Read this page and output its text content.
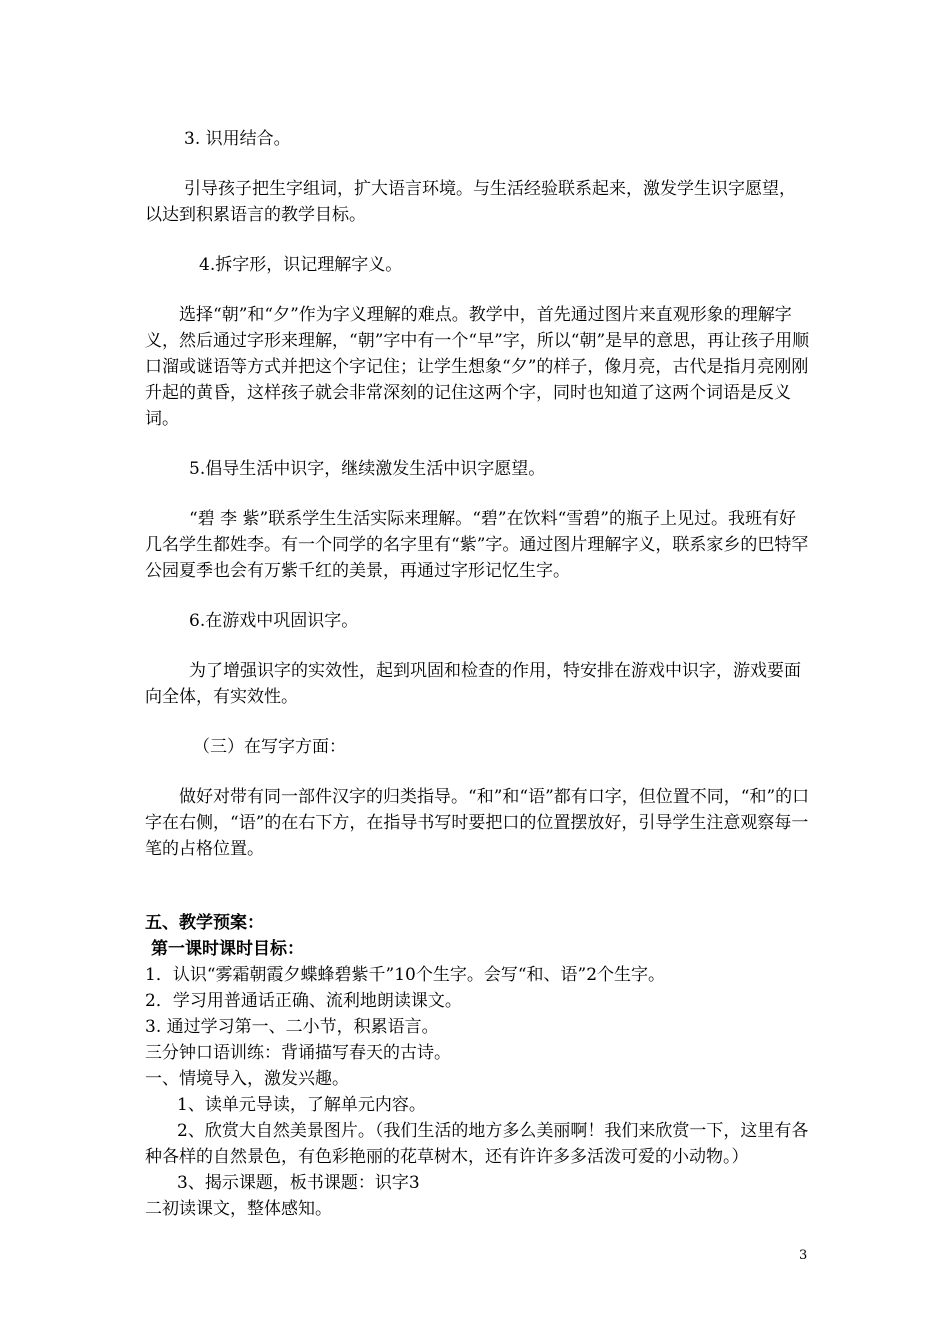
3. 识用结合。

引导孩子把生字组词，扩大语言环境。与生活经验联系起来，激发学生识字愿望，以达到积累语言的教学目标。

4.拆字形，识记理解字义。

选择“朝”和“夕”作为字义理解的难点。教学中，首先通过图片来直观形象的理解字义，然后通过字形来理解，“朝”字中有一个“早”字，所以“朝”是早的意思，再让孩子用顺口溜或谜语等方式并把这个字记住；让学生想象“夕”的样子，像月亮，古代是指月亮刚刚升起的黄昏，这样孩子就会非常深刻的记住这两个字，同时也知道了这两个词语是反义词。

5.倡导生活中识字，继续激发生活中识字愿望。

“碧 李 紫”联系学生生活实际来理解。“碧”在饮料“雪碧”的瓶子上见过。我班有好几名学生都姓李。有一个同学的名字里有“紫”字。通过图片理解字义，联系家乡的巴特罕公园夏季也会有万紫千红的美景，再通过字形记忆生字。

6.在游戏中巩固识字。

为了增强识字的实效性，起到巩固和检查的作用，特安排在游戏中识字，游戏要面向全体，有实效性。

（三）在写字方面：

做好对带有同一部件汉字的归类指导。“和”和“语”都有口字，但位置不同，“和”的口字在右侧，“语”的在右下方，在指导书写时要把口的位置摆放好，引导学生注意观察每一笔的占格位置。

五、教学预案：

第一课时课时目标：

1．认识“雾霜朝霞夕蝶蜂碧紫千”10个生字。会写“和、语”2个生字。

2．学习用普通话正确、流利地朗读课文。

3. 通过学习第一、二小节，积累语言。

三分钟口语训练：背诵描写春天的古诗。

一、情境导入，激发兴趣。

1、读单元导读，了解单元内容。

2、欣赏大自然美景图片。（我们生活的地方多么美丽啊！我们来欣赏一下，这里有各种各样的自然景色，有色彩艳丽的花草树木，还有许许多多活泼可爱的小动物。）

3、揭示课题，板书课题：识字3

二初读课文，整体感知。

3
